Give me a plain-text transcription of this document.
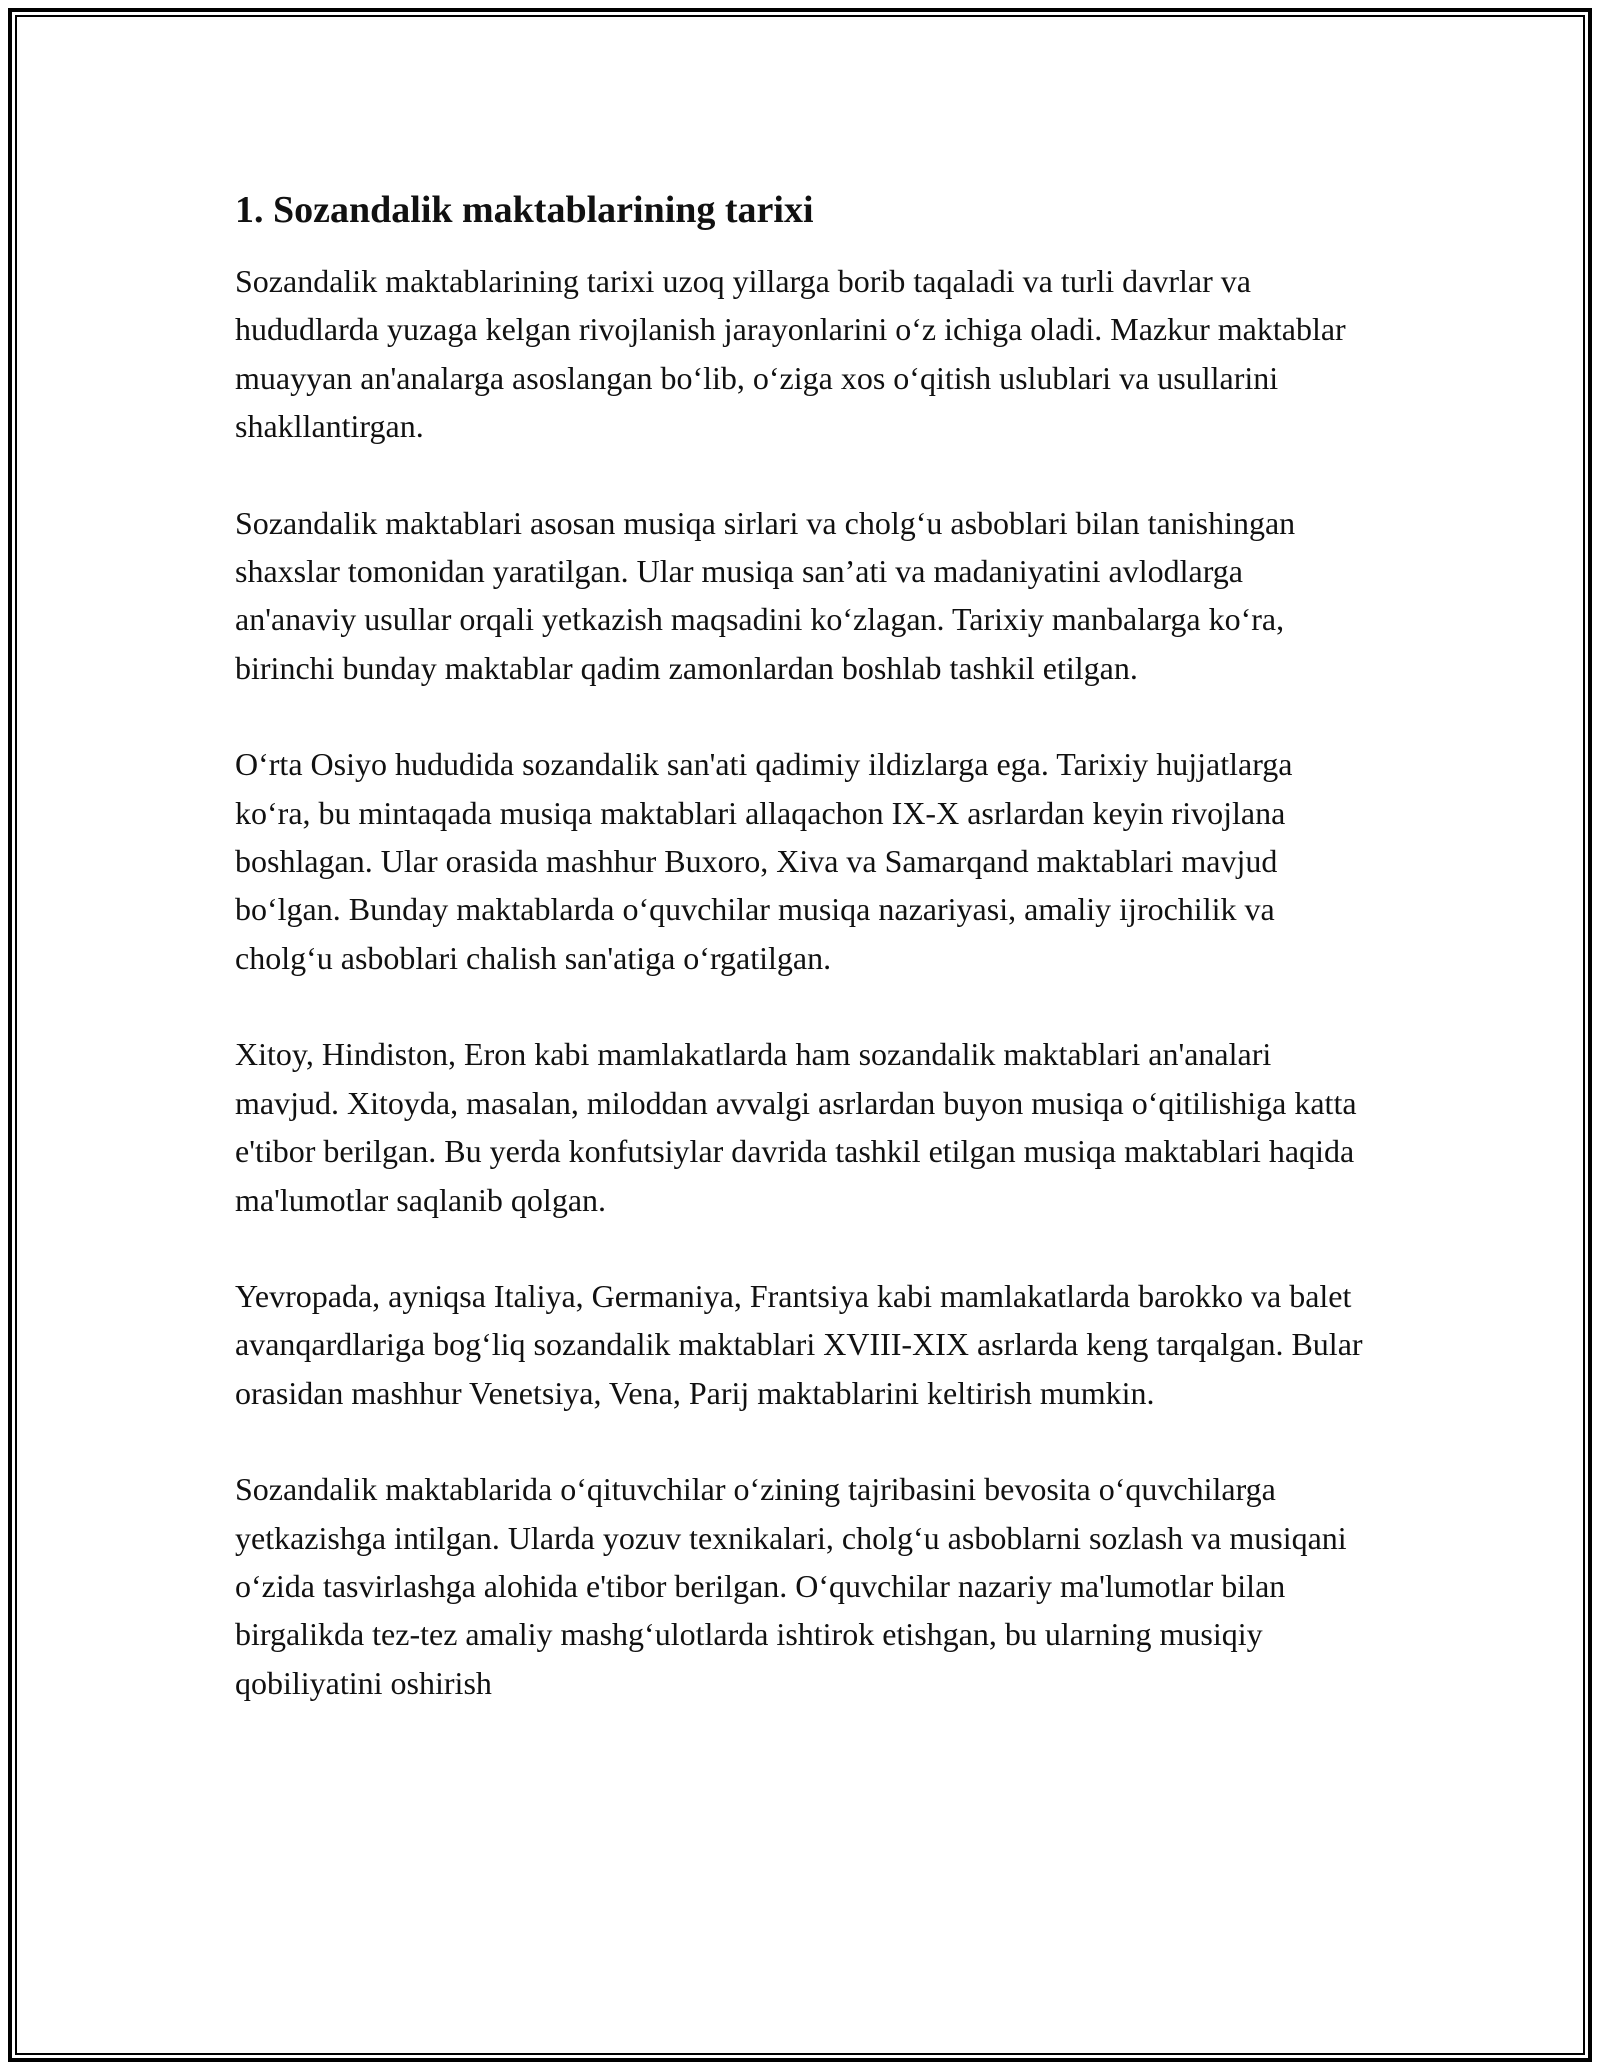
1. Sozandalik maktablarining tarixi

Sozandalik maktablarining tarixi uzoq yillarga borib taqaladi va turli davrlar va hududlarda yuzaga kelgan rivojlanish jarayonlarini o‘z ichiga oladi. Mazkur maktablar muayyan an'analarga asoslangan bo‘lib, o‘ziga xos o‘qitish uslublari va usullarini shakllantirgan.

Sozandalik maktablari asosan musiqa sirlari va cholg‘u asboblari bilan tanishingan shaxslar tomonidan yaratilgan. Ular musiqa san’ati va madaniyatini avlodlarga an'anaviy usullar orqali yetkazish maqsadini ko‘zlagan. Tarixiy manbalarga ko‘ra, birinchi bunday maktablar qadim zamonlardan boshlab tashkil etilgan.

O‘rta Osiyo hududida sozandalik san'ati qadimiy ildizlarga ega. Tarixiy hujjatlarga ko‘ra, bu mintaqada musiqa maktablari allaqachon IX-X asrlardan keyin rivojlana boshlagan. Ular orasida mashhur Buxoro, Xiva va Samarqand maktablari mavjud bo‘lgan. Bunday maktablarda o‘quvchilar musiqa nazariyasi, amaliy ijrochilik va cholg‘u asboblari chalish san'atiga o‘rgatilgan.

Xitoy, Hindiston, Eron kabi mamlakatlarda ham sozandalik maktablari an'analari mavjud. Xitoyda, masalan, miloddan avvalgi asrlardan buyon musiqa o‘qitilishiga katta e'tibor berilgan. Bu yerda konfutsiylar davrida tashkil etilgan musiqa maktablari haqida ma'lumotlar saqlanib qolgan.

Yevropada, ayniqsa Italiya, Germaniya, Frantsiya kabi mamlakatlarda barokko va balet avanqardlariga bog‘liq sozandalik maktablari XVIII-XIX asrlarda keng tarqalgan. Bular orasidan mashhur Venetsiya, Vena, Parij maktablarini keltirish mumkin.

Sozandalik maktablarida o‘qituvchilar o‘zining tajribasini bevosita o‘quvchilarga yetkazishga intilgan. Ularda yozuv texnikalari, cholg‘u asboblarni sozlash va musiqani o‘zida tasvirlashga alohida e'tibor berilgan. O‘quvchilar nazariy ma'lumotlar bilan birgalikda tez-tez amaliy mashg‘ulotlarda ishtirok etishgan, bu ularning musiqiy qobiliyatini oshirish
